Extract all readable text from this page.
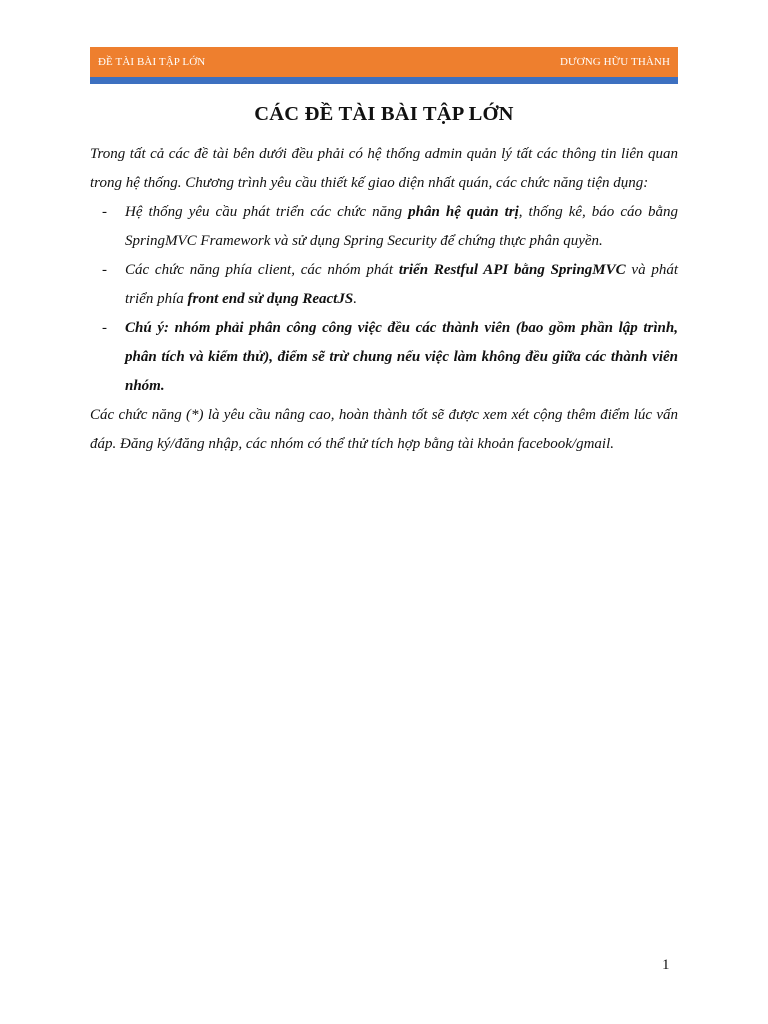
ĐỀ TÀI BÀI TẬP LỚN	DƯƠNG HỮU THÀNH
CÁC ĐỀ TÀI BÀI TẬP LỚN

Trong tất cả các đề tài bên dưới đều phải có hệ thống admin quản lý tất các thông tin liên quan trong hệ thống. Chương trình yêu cầu thiết kế giao diện nhất quán, các chức năng tiện dụng:

- Hệ thống yêu cầu phát triển các chức năng phân hệ quản trị, thống kê, báo cáo bằng SpringMVC Framework và sử dụng Spring Security để chứng thực phân quyền.
- Các chức năng phía client, các nhóm phát triển Restful API bằng SpringMVC và phát triển phía front end sử dụng ReactJS.
- Chú ý: nhóm phải phân công công việc đều các thành viên (bao gồm phần lập trình, phân tích và kiểm thử), điểm sẽ trừ chung nếu việc làm không đều giữa các thành viên nhóm.

Các chức năng (*) là yêu cầu nâng cao, hoàn thành tốt sẽ được xem xét cộng thêm điểm lúc vấn đáp. Đăng ký/đăng nhập, các nhóm có thể thử tích hợp bằng tài khoản facebook/gmail.

1
